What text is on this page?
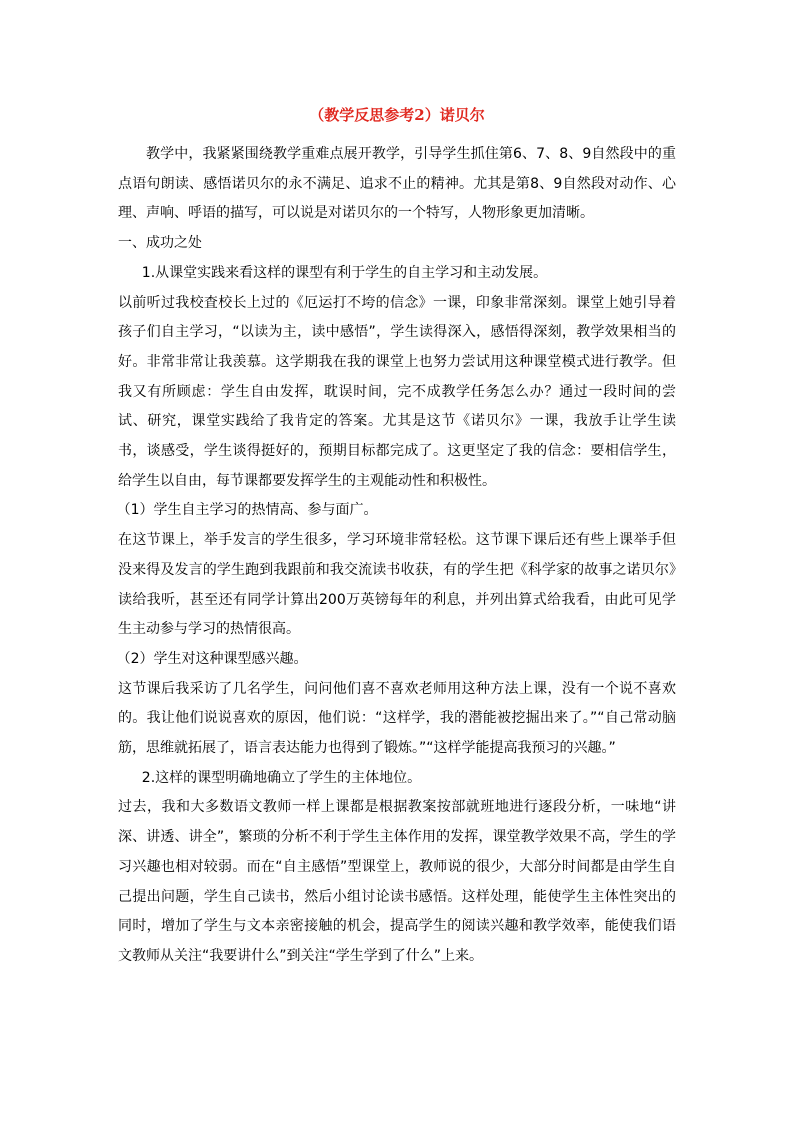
（教学反思参考2）诺贝尔

教学中，我紧紧围绕教学重难点展开教学，引导学生抓住第6、7、8、9自然段中的重点语句朗读、感悟诺贝尔的永不满足、追求不止的精神。尤其是第8、9自然段对动作、心理、声响、呼语的描写，可以说是对诺贝尔的一个特写，人物形象更加清晰。

一、成功之处

1.从课堂实践来看这样的课型有利于学生的自主学习和主动发展。

以前听过我校査校长上过的《厄运打不垮的信念》一课，印象非常深刻。课堂上她引导着孩子们自主学习，“以读为主，读中感悟”，学生读得深入，感悟得深刻，教学效果相当的好。非常非常让我羡慕。这学期我在我的课堂上也努力尝试用这种课堂模式进行教学。但我又有所顾虑：学生自由发挥，耽误时间，完不成教学任务怎么办？通过一段时间的尝试、研究，课堂实践给了我肯定的答案。尤其是这节《诺贝尔》一课，我放手让学生读书，谈感受，学生谈得挺好的，预期目标都完成了。这更坚定了我的信念：要相信学生，给学生以自由，每节课都要发挥学生的主观能动性和积极性。

（1）学生自主学习的热情高、参与面广。

在这节课上，举手发言的学生很多，学习环境非常轻松。这节课下课后还有些上课举手但没来得及发言的学生跑到我跟前和我交流读书收获，有的学生把《科学家的故事之诺贝尔》读给我听，甚至还有同学计算出200万英镑每年的利息，并列出算式给我看，由此可见学生主动参与学习的热情很高。

（2）学生对这种课型感兴趣。

这节课后我采访了几名学生，问问他们喜不喜欢老师用这种方法上课，没有一个说不喜欢的。我让他们说说喜欢的原因，他们说：“这样学，我的潜能被挖掘出来了。”“自己常动脑筋，思维就拓展了，语言表达能力也得到了锻炼。”“这样学能提高我预习的兴趣。”

2.这样的课型明确地确立了学生的主体地位。

过去，我和大多数语文教师一样上课都是根据教案按部就班地进行逐段分析，一味地“讲深、讲透、讲全”，繁琐的分析不利于学生主体作用的发挥，课堂教学效果不高，学生的学习兴趣也相对较弱。而在“自主感悟”型课堂上，教师说的很少，大部分时间都是由学生自己提出问题，学生自己读书，然后小组讨论读书感悟。这样处理，能使学生主体性突出的同时，增加了学生与文本亲密接触的机会，提高学生的阅读兴趣和教学效率，能使我们语文教师从关注“我要讲什么”到关注“学生学到了什么”上来。
